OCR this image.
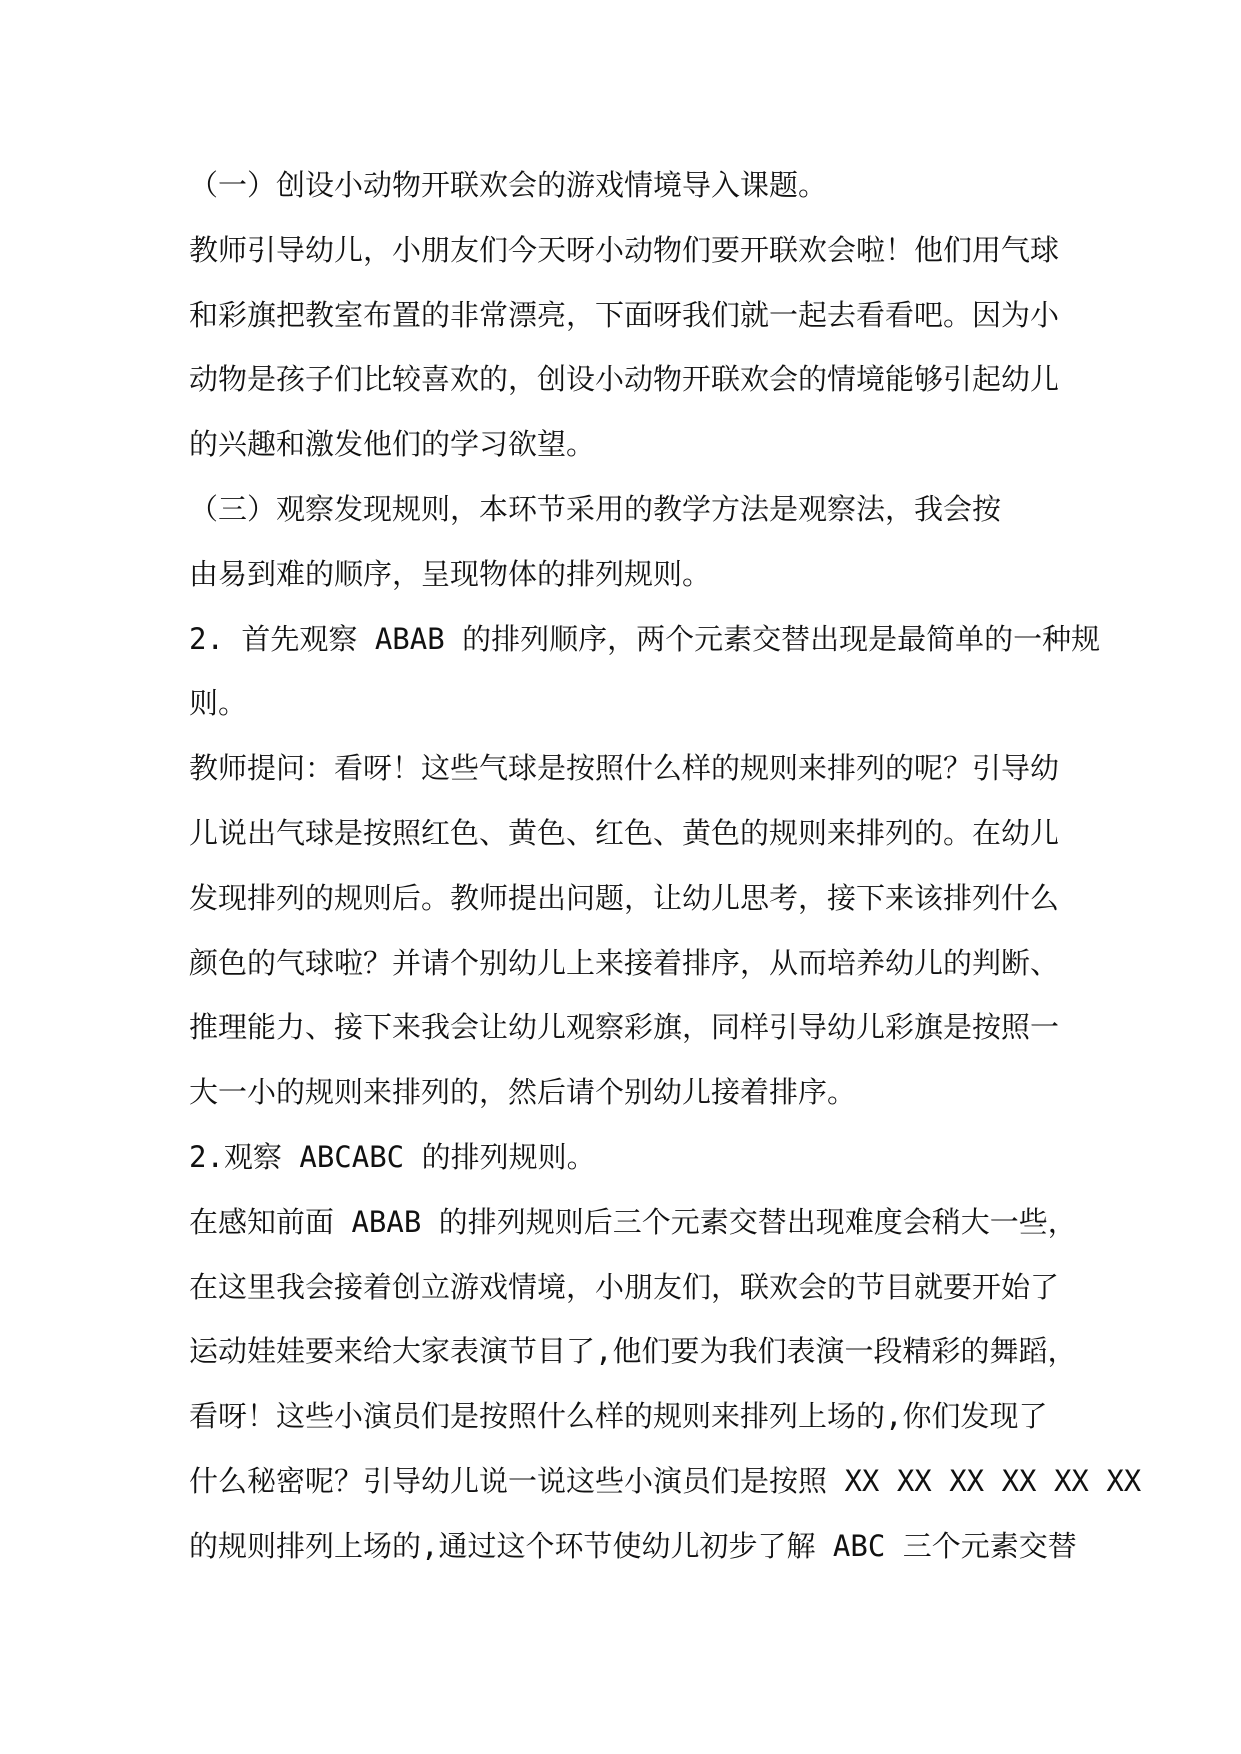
（一）创设小动物开联欢会的游戏情境导入课题。
教师引导幼儿，小朋友们今天呀小动物们要开联欢会啦！他们用气球
和彩旗把教室布置的非常漂亮，下面呀我们就一起去看看吧。因为小
动物是孩子们比较喜欢的，创设小动物开联欢会的情境能够引起幼儿
的兴趣和激发他们的学习欲望。
（三）观察发现规则，本环节采用的教学方法是观察法，我会按
由易到难的顺序，呈现物体的排列规则。
2. 首先观察 ABAB 的排列顺序，两个元素交替出现是最简单的一种规
则。
教师提问：看呀！这些气球是按照什么样的规则来排列的呢？引导幼
儿说出气球是按照红色、黄色、红色、黄色的规则来排列的。在幼儿
发现排列的规则后。教师提出问题，让幼儿思考，接下来该排列什么
颜色的气球啦？并请个别幼儿上来接着排序，从而培养幼儿的判断、
推理能力、接下来我会让幼儿观察彩旗，同样引导幼儿彩旗是按照一
大一小的规则来排列的，然后请个别幼儿接着排序。
2.观察 ABCABC 的排列规则。
在感知前面 ABAB 的排列规则后三个元素交替出现难度会稍大一些，
在这里我会接着创立游戏情境，小朋友们，联欢会的节目就要开始了
运动娃娃要来给大家表演节目了,他们要为我们表演一段精彩的舞蹈，
看呀！这些小演员们是按照什么样的规则来排列上场的,你们发现了
什么秘密呢？引导幼儿说一说这些小演员们是按照 XX XX XX XX XX XX
的规则排列上场的,通过这个环节使幼儿初步了解 ABC 三个元素交替
